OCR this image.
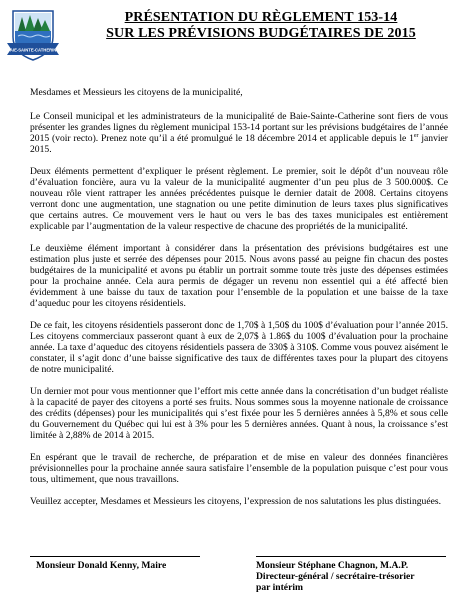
BAIE-SAINTE-CATHERINE
PRÉSENTATION DU RÈGLEMENT 153-14
SUR LES PRÉVISIONS BUDGÉTAIRES DE 2015

Mesdames et Messieurs les citoyens de la municipalité,

Le Conseil municipal et les administrateurs de la municipalité de Baie-Sainte-Catherine sont fiers de vous présenter les grandes lignes du règlement municipal 153-14 portant sur les prévisions budgétaires de l’année 2015 (voir recto). Prenez note qu’il a été promulgué le 18 décembre 2014 et applicable depuis le 1er janvier 2015.

Deux éléments permettent d’expliquer le présent règlement. Le premier, soit le dépôt d’un nouveau rôle d’évaluation foncière, aura vu la valeur de la municipalité augmenter d’un peu plus de 3 500.000$. Ce nouveau rôle vient rattraper les années précédentes puisque le dernier datait de 2008. Certains citoyens verront donc une augmentation, une stagnation ou une petite diminution de leurs taxes plus significatives que certains autres. Ce mouvement vers le haut ou vers le bas des taxes municipales est entièrement explicable par l’augmentation de la valeur respective de chacune des propriétés de la municipalité.

Le deuxième élément important à considérer dans la présentation des prévisions budgétaires est une estimation plus juste et serrée des dépenses pour 2015. Nous avons passé au peigne fin chacun des postes budgétaires de la municipalité et avons pu établir un portrait somme toute très juste des dépenses estimées pour la prochaine année. Cela aura permis de dégager un revenu non essentiel qui a été affecté bien évidemment à une baisse du taux de taxation pour l’ensemble de la population et une baisse de la taxe d’aqueduc pour les citoyens résidentiels.

De ce fait, les citoyens résidentiels passeront donc de 1,70$ à 1,50$ du 100$ d’évaluation pour l’année 2015. Les citoyens commerciaux passeront quant à eux de 2,07$ à 1.86$ du 100$ d’évaluation pour la prochaine année. La taxe d’aqueduc des citoyens résidentiels passera de 330$ à 310$. Comme vous pouvez aisément le constater, il s’agit donc d’une baisse significative des taux de différentes taxes pour la plupart des citoyens de notre municipalité.

Un dernier mot pour vous mentionner que l’effort mis cette année dans la concrétisation d’un budget réaliste à la capacité de payer des citoyens a porté ses fruits. Nous sommes sous la moyenne nationale de croissance des crédits (dépenses) pour les municipalités qui s’est fixée pour les 5 dernières années à 5,8% et sous celle du Gouvernement du Québec qui lui est à 3% pour les 5 dernières années. Quant à nous, la croissance s’est limitée à 2,88% de 2014 à 2015.

En espérant que le travail de recherche, de préparation et de mise en valeur des données financières prévisionnelles pour la prochaine année saura satisfaire l’ensemble de la population puisque c’est pour vous tous, ultimement, que nous travaillons.

Veuillez accepter, Mesdames et Messieurs les citoyens, l’expression de nos salutations les plus distinguées.

Monsieur Donald Kenny, Maire	Monsieur Stéphane Chagnon, M.A.P.
Directeur-général / secrétaire-trésorier
par intérim
